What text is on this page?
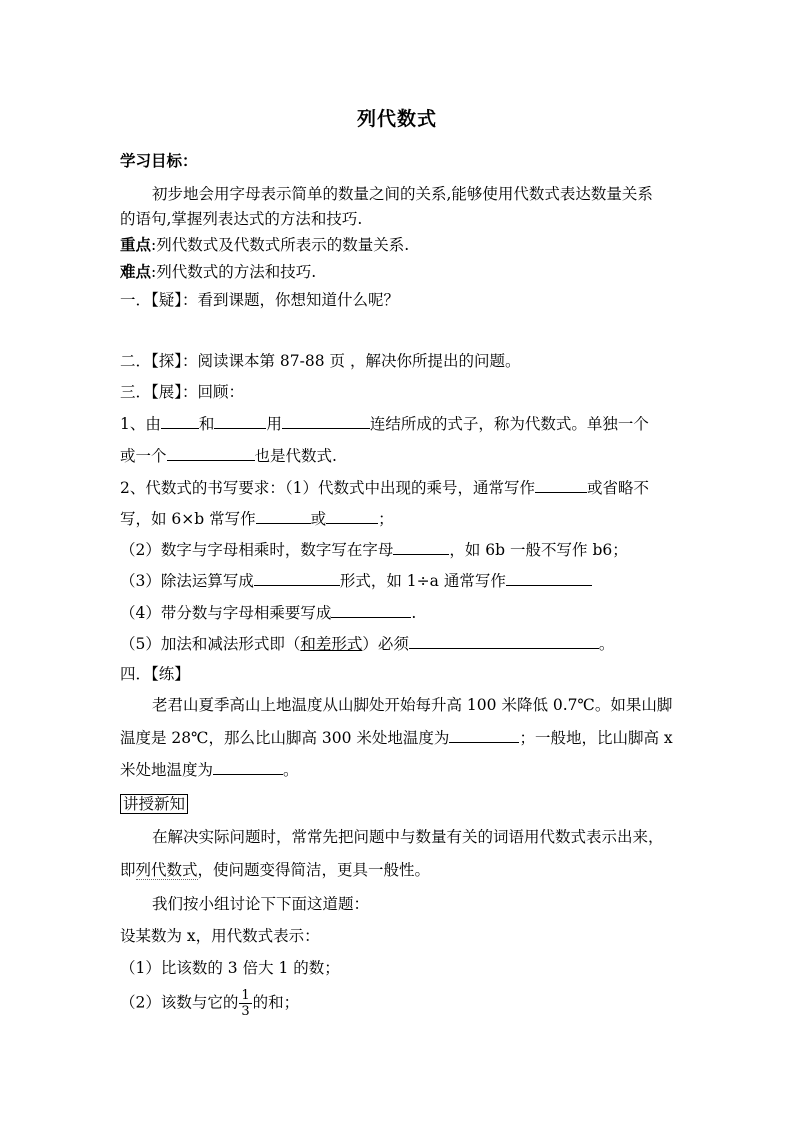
列代数式
学习目标：
初步地会用字母表示简单的数量之间的关系,能够使用代数式表达数量关系
的语句,掌握列表达式的方法和技巧.
重点:列代数式及代数式所表示的数量关系.
难点:列代数式的方法和技巧.
一．【疑】：看到课题，你想知道什么呢？
二．【探】：阅读课本第 87-88 页 ，解决你所提出的问题。
三．【展】：回顾：
1、由 和	用	连结所成的式子，称为代数式。单独一个
或一个	也是代数式.
2、代数式的书写要求：（1）代数式中出现的乘号，通常写作	或省略不
写，如 6×b 常写作	或	；
（2）数字与字母相乘时，数字写在字母	，如 6b 一般不写作 b6；
（3）除法运算写成	形式，如 1÷a 通常写作
（4）带分数与字母相乘要写成	.
（5）加法和减法形式即（和差形式）必须	。
四．【练】
老君山夏季高山上地温度从山脚处开始每升高 100 米降低 0.7℃。如果山脚
温度是 28℃，那么比山脚高 300 米处地温度为	；一般地，比山脚高 x
米处地温度为	。
讲授新知
在解决实际问题时，常常先把问题中与数量有关的词语用代数式表示出来，
即列代数式，使问题变得简洁，更具一般性。
我们按小组讨论下下面这道题：
设某数为 x，用代数式表示：
（1）比该数的 3 倍大 1 的数；
（2）该数与它的 $\frac{1}{3}$ 的和；
